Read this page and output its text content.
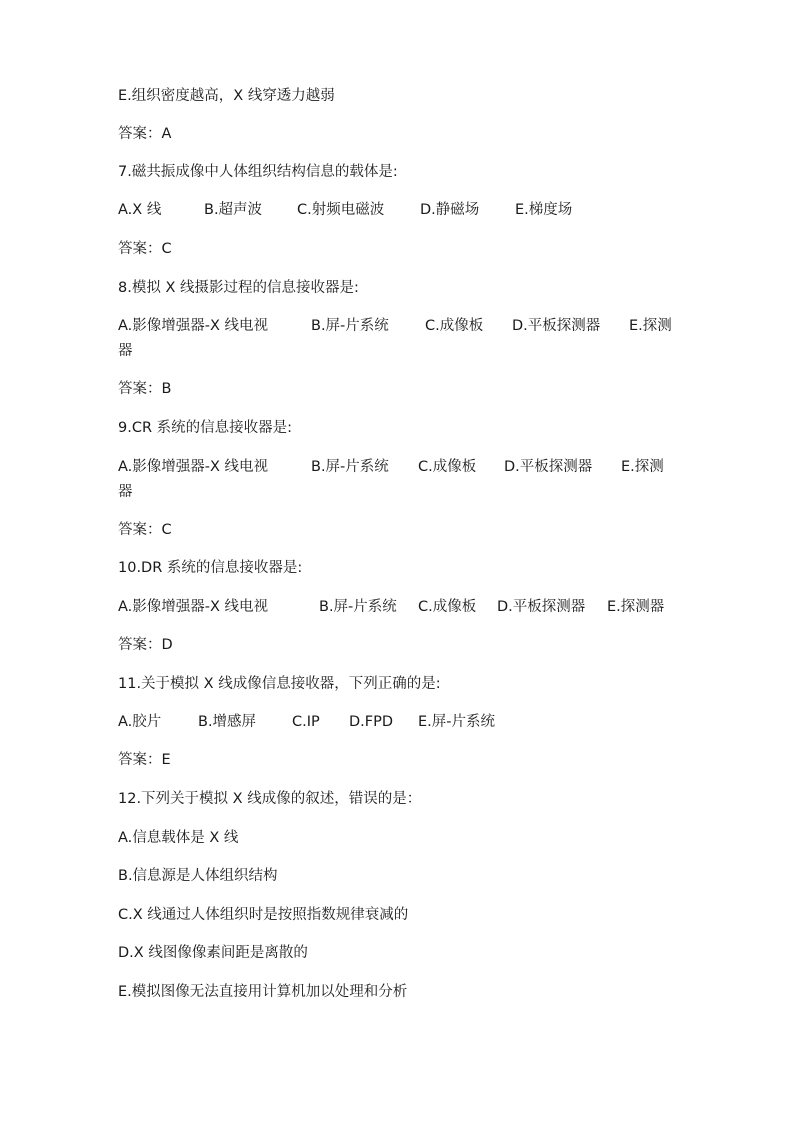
E.组织密度越高，X 线穿透力越弱
答案：A
7.磁共振成像中人体组织结构信息的载体是:
A.X 线	B.超声波 C.射频电磁波 D.静磁场 E.梯度场
答案：C
8.模拟 X 线摄影过程的信息接收器是:
A.影像增强器-X 线电视	B.屏-片系统 C.成像板 D.平板探测器 E.探测
器
答案：B
9.CR 系统的信息接收器是:
A.影像增强器-X 线电视	B.屏-片系统 C.成像板 D.平板探测器 E.探测
器
答案：C
10.DR 系统的信息接收器是:
A.影像增强器-X 线电视	B.屏-片系统 C.成像板 D.平板探测器 E.探测器
答案：D
11.关于模拟 X 线成像信息接收器，下列正确的是:
A.胶片	B.增感屏 C.IP D.FPD E.屏-片系统
答案：E
12.下列关于模拟 X 线成像的叙述，错误的是：
A.信息载体是 X 线
B.信息源是人体组织结构
C.X 线通过人体组织时是按照指数规律衰减的
D.X 线图像像素间距是离散的
E.模拟图像无法直接用计算机加以处理和分析
